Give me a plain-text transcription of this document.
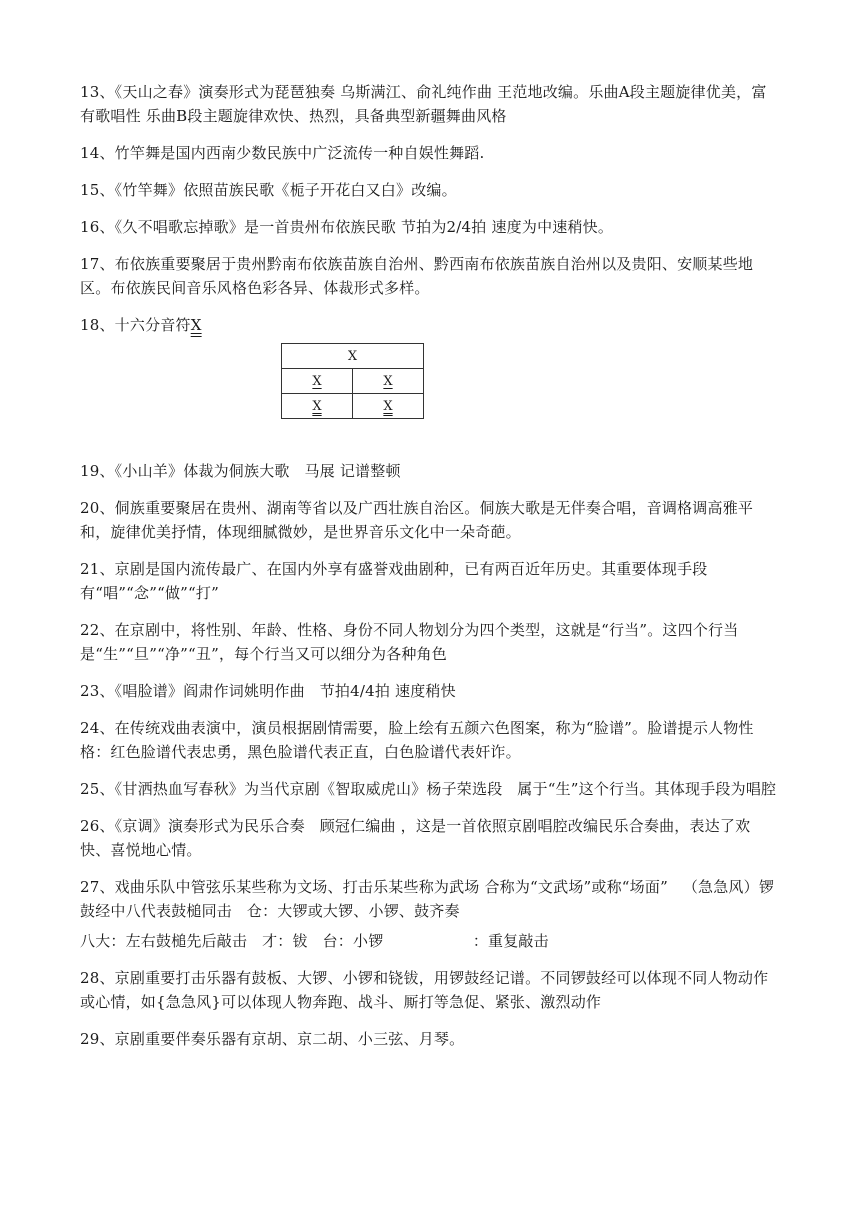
13、《天山之春》演奏形式为琵琶独奏 乌斯满江、俞礼纯作曲 王范地改编。乐曲A段主题旋律优美，富有歌唱性 乐曲B段主题旋律欢快、热烈，具备典型新疆舞曲风格

14、竹竿舞是国内西南少数民族中广泛流传一种自娱性舞蹈.

15、《竹竿舞》依照苗族民歌《栀子开花白又白》改编。

16、《久不唱歌忘掉歌》是一首贵州布依族民歌 节拍为2/4拍 速度为中速稍快。

17、布依族重要聚居于贵州黔南布依族苗族自治州、黔西南布依族苗族自治州以及贵阳、安顺某些地区。布依族民间音乐风格色彩各异、体裁形式多样。

18、十六分音符X

X	
X	X
X	X

19、《小山羊》体裁为侗族大歌   马展 记谱整顿

20、侗族重要聚居在贵州、湖南等省以及广西壮族自治区。侗族大歌是无伴奏合唱，音调格调高雅平和，旋律优美抒情，体现细腻微妙，是世界音乐文化中一朵奇葩。

21、京剧是国内流传最广、在国内外享有盛誉戏曲剧种，已有两百近年历史。其重要体现手段有“唱”“念”“做”“打”

22、在京剧中，将性别、年龄、性格、身份不同人物划分为四个类型，这就是“行当”。这四个行当是“生”“旦”“净”“丑”，每个行当又可以细分为各种角色

23、《唱脸谱》阎肃作词姚明作曲   节拍4/4拍 速度稍快

24、在传统戏曲表演中，演员根据剧情需要，脸上绘有五颜六色图案，称为“脸谱”。脸谱提示人物性格：红色脸谱代表忠勇，黑色脸谱代表正直，白色脸谱代表奸诈。

25、《甘洒热血写春秋》为当代京剧《智取威虎山》杨子荣选段   属于“生”这个行当。其体现手段为唱腔

26、《京调》演奏形式为民乐合奏   顾冠仁编曲 ，这是一首依照京剧唱腔改编民乐合奏曲，表达了欢快、喜悦地心情。

27、戏曲乐队中管弦乐某些称为文场、打击乐某些称为武场 合称为“文武场”或称“场面”   （急急风）锣鼓经中八代表鼓槌同击   仓：大锣或大锣、小锣、鼓齐奏

八大：左右鼓槌先后敲击   才：钹   台：小锣                  ：重复敲击

28、京剧重要打击乐器有鼓板、大锣、小锣和铙钹，用锣鼓经记谱。不同锣鼓经可以体现不同人物动作或心情，如{急急风}可以体现人物奔跑、战斗、厮打等急促、紧张、激烈动作

29、京剧重要伴奏乐器有京胡、京二胡、小三弦、月琴。
